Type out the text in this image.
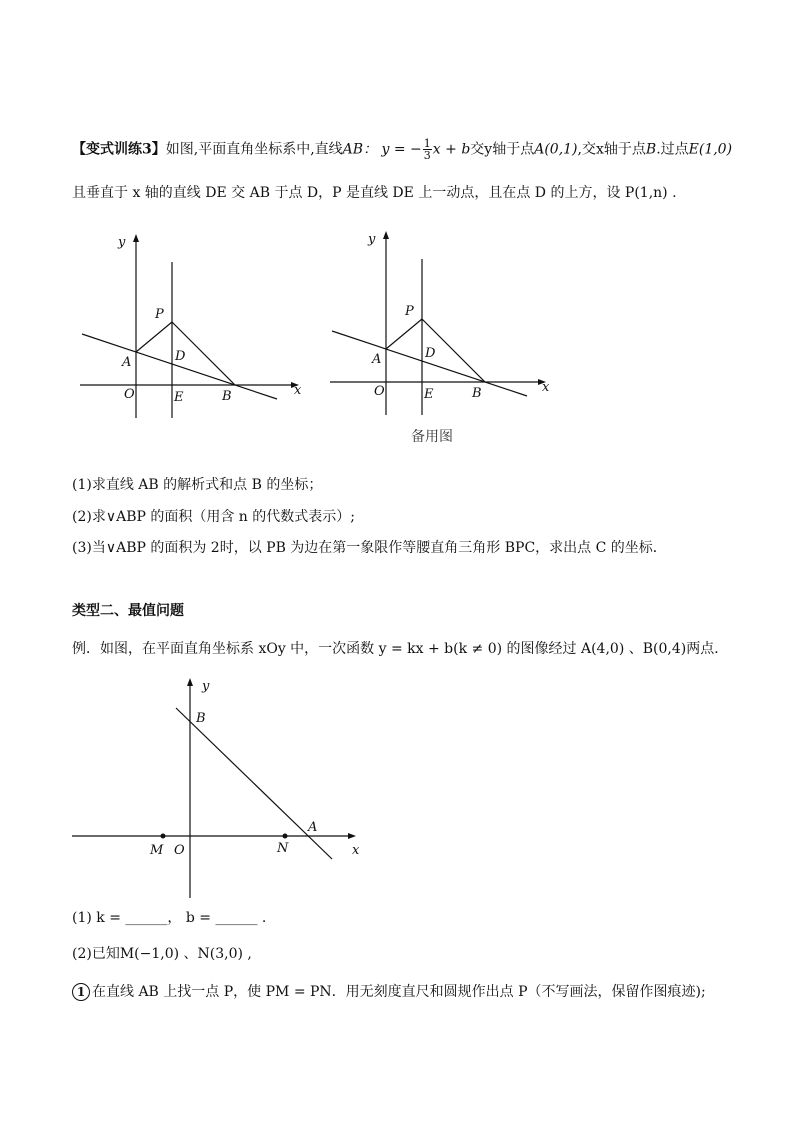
【变式训练3】如图,平面直角坐标系中,直线AB： y = − $\frac{1}{3}$ x + b交y轴于点A(0,1),交x轴于点B.过点E(1,0)
且垂直于 x 轴的直线 DE 交 AB 于点 D，P 是直线 DE 上一动点，且在点 D 的上方，设 P(1,n) .
y
x
O
A
B
D
E
P
y
x
O
A
B
D
E
P
备用图
(1)求直线 AB 的解析式和点 B 的坐标；
(2)求∨ABP 的面积（用含 n 的代数式表示）;
(3)当∨ABP 的面积为 2时，以 PB 为边在第一象限作等腰直角三角形 BPC，求出点 C 的坐标．
类型二、最值问题
例．如图，在平面直角坐标系 xOy 中，一次函数 y = kx + b(k ≠ 0) 的图像经过 A(4,0) 、B(0,4)两点．
y
x
B
A
O
M	N
(1) k = ______， b = ______ .
(2)已知M(−1,0) 、N(3,0) ,
1 在直线 AB 上找一点 P，使 PM = PN．用无刻度直尺和圆规作出点 P（不写画法，保留作图痕迹);
